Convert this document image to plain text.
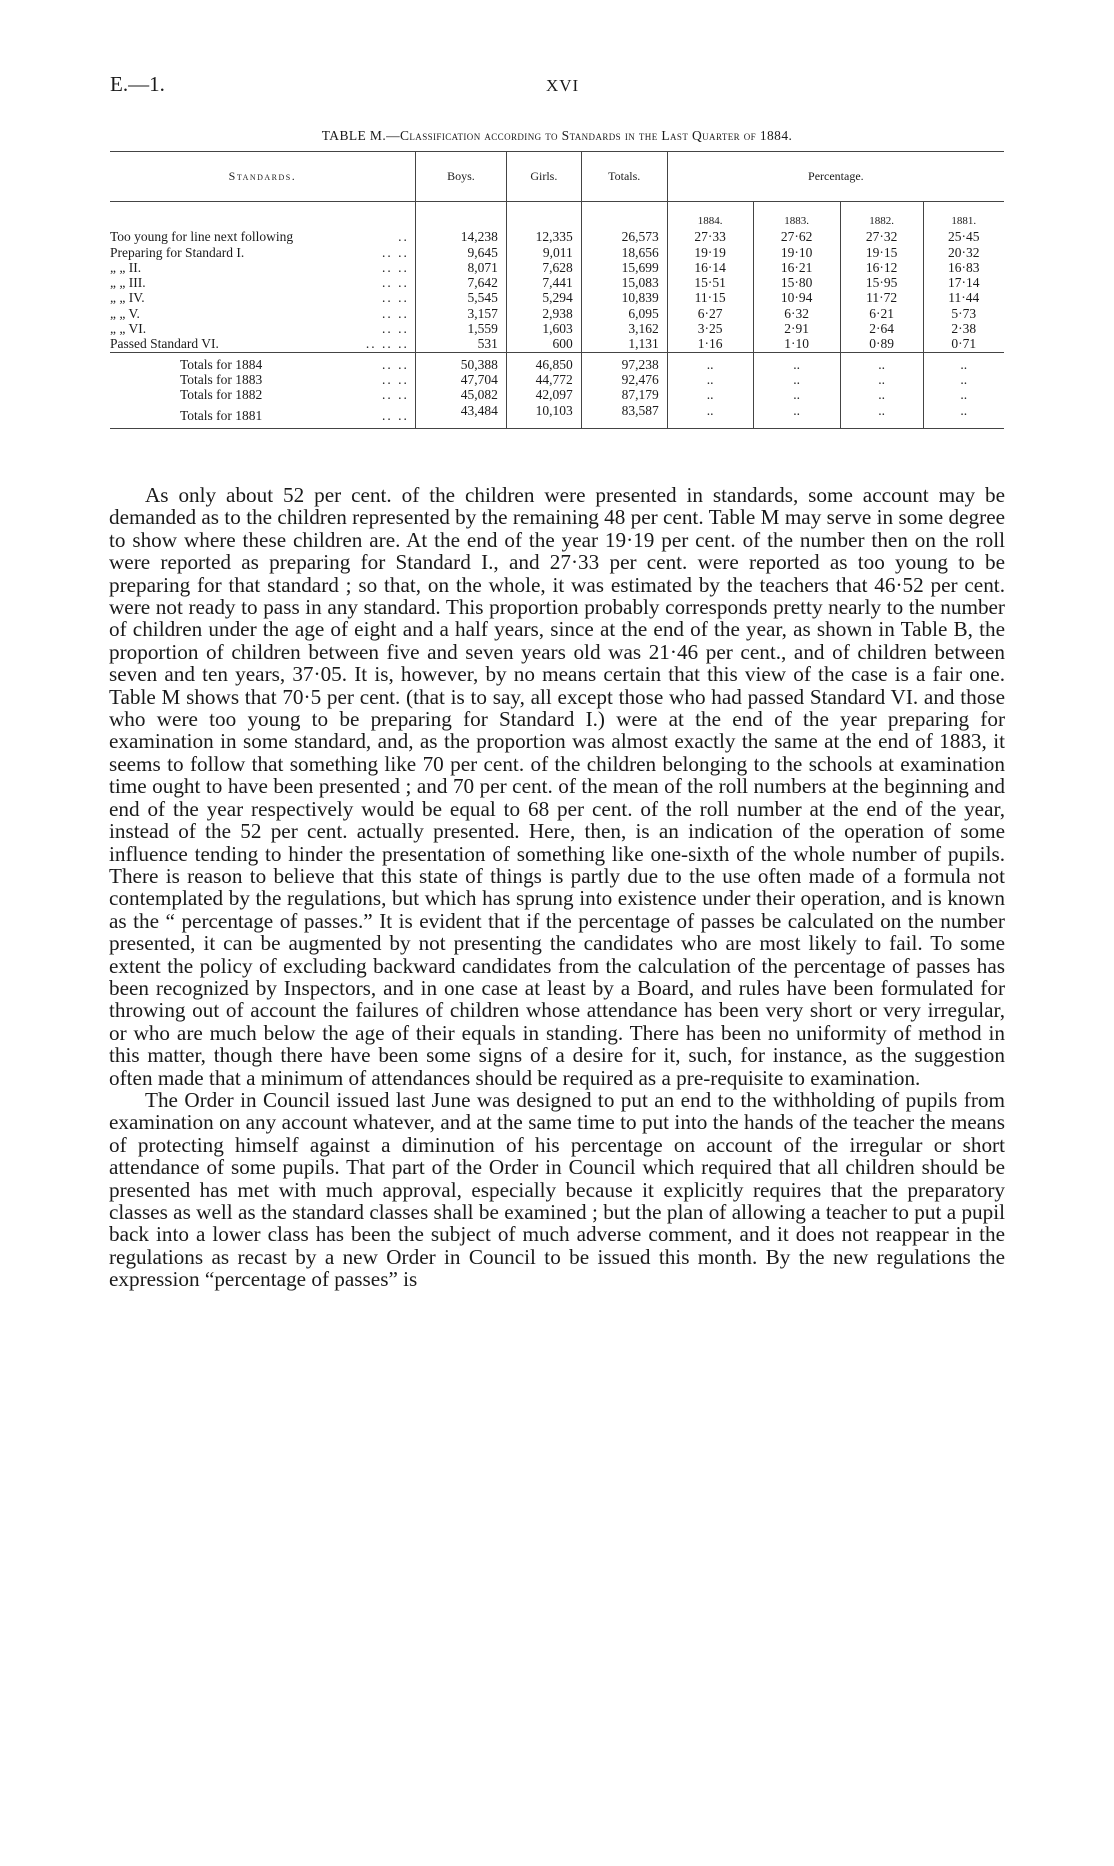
E.—1.	XVI
TABLE M.—Classification according to Standards in the Last Quarter of 1884.
Standards.	Boys.	Girls.	Totals.	Percentage.			
				1884.	1883.	1882.	1881.

Too young for line next following ..	14,238	12,335	26,573	27·33	27·62	27·32	25·45

Preparing for Standard I. .. ..	9,645	9,011	18,656	19·19	19·10	19·15	20·32

„ „ II. .. ..	8,071	7,628	15,699	16·14	16·21	16·12	16·83

„ „ III. .. ..	7,642	7,441	15,083	15·51	15·80	15·95	17·14

„ „ IV. .. ..	5,545	5,294	10,839	11·15	10·94	11·72	11·44

„ „ V. .. ..	3,157	2,938	6,095	6·27	6·32	6·21	5·73

„ „ VI. .. ..	1,559	1,603	3,162	3·25	2·91	2·64	2·38

Passed Standard VI. .. .. ..	531	600	1,131	1·16	1·10	0·89	0·71

Totals for 1884 .. ..	50,388	46,850	97,238	..	..	..	..

Totals for 1883 .. ..	47,704	44,772	92,476	..	..	..	..

Totals for 1882 .. ..	45,082	42,097	87,179	..	..	..	..

Totals for 1881 .. ..	43,484	10,103	83,587	..	..	..	..

As only about 52 per cent. of the children were presented in standards, some account may be demanded as to the children represented by the remaining 48 per cent. Table M may serve in some degree to show where these children are. At the end of the year 19·19 per cent. of the number then on the roll were reported as preparing for Standard I., and 27·33 per cent. were reported as too young to be preparing for that standard ; so that, on the whole, it was estimated by the teachers that 46·52 per cent. were not ready to pass in any standard. This proportion probably corresponds pretty nearly to the number of children under the age of eight and a half years, since at the end of the year, as shown in Table B, the proportion of children between five and seven years old was 21·46 per cent., and of children between seven and ten years, 37·05. It is, however, by no means certain that this view of the case is a fair one. Table M shows that 70·5 per cent. (that is to say, all except those who had passed Standard VI. and those who were too young to be preparing for Standard I.) were at the end of the year preparing for examination in some standard, and, as the proportion was almost exactly the same at the end of 1883, it seems to follow that something like 70 per cent. of the children belonging to the schools at examination time ought to have been presented ; and 70 per cent. of the mean of the roll numbers at the beginning and end of the year respectively would be equal to 68 per cent. of the roll number at the end of the year, instead of the 52 per cent. actually presented. Here, then, is an indication of the operation of some influence tending to hinder the presentation of something like one-sixth of the whole number of pupils. There is reason to believe that this state of things is partly due to the use often made of a formula not contemplated by the regulations, but which has sprung into existence under their operation, and is known as the “ percentage of passes.” It is evident that if the percentage of passes be calculated on the number presented, it can be augmented by not presenting the candidates who are most likely to fail. To some extent the policy of excluding backward candidates from the calculation of the percentage of passes has been recognized by Inspectors, and in one case at least by a Board, and rules have been formulated for throwing out of account the failures of children whose attendance has been very short or very irregular, or who are much below the age of their equals in standing. There has been no uniformity of method in this matter, though there have been some signs of a desire for it, such, for instance, as the suggestion often made that a minimum of attendances should be required as a pre-requisite to examination.

The Order in Council issued last June was designed to put an end to the withholding of pupils from examination on any account whatever, and at the same time to put into the hands of the teacher the means of protecting himself against a diminution of his percentage on account of the irregular or short attendance of some pupils. That part of the Order in Council which required that all children should be presented has met with much approval, especially because it explicitly requires that the preparatory classes as well as the standard classes shall be examined ; but the plan of allowing a teacher to put a pupil back into a lower class has been the subject of much adverse comment, and it does not reappear in the regulations as recast by a new Order in Council to be issued this month. By the new regulations the expression “percentage of passes” is
